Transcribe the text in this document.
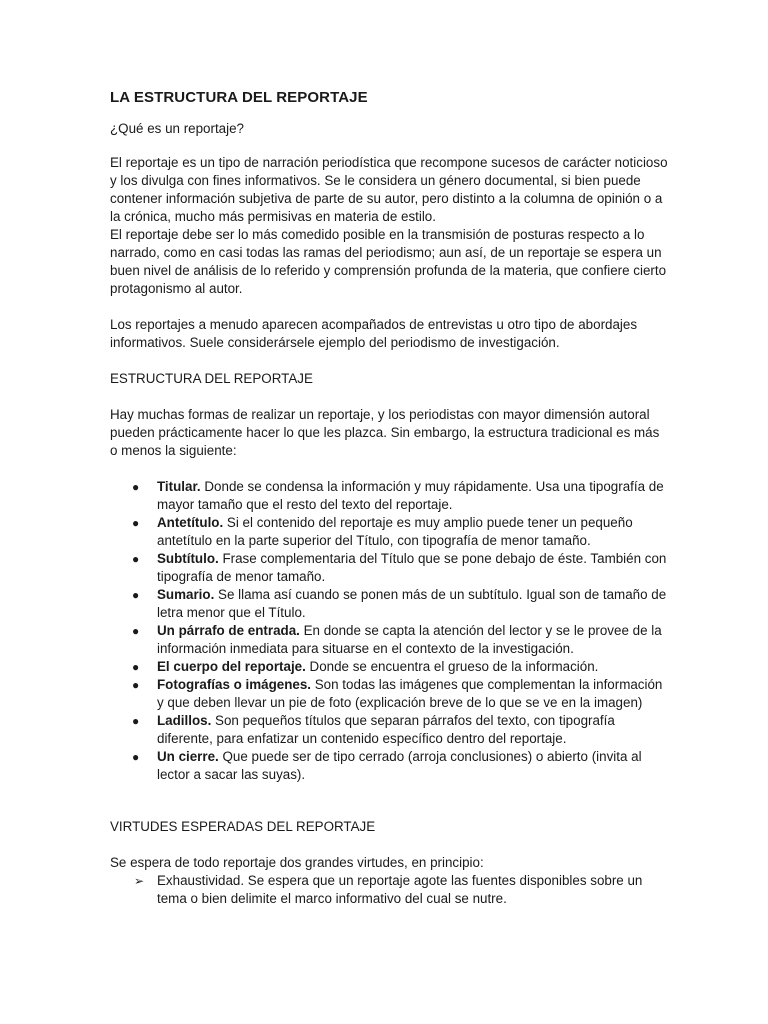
LA ESTRUCTURA DEL REPORTAJE

¿Qué es un reportaje?

El reportaje es un tipo de narración periodística que recompone sucesos de carácter noticioso y los divulga con fines informativos. Se le considera un género documental, si bien puede contener información subjetiva de parte de su autor, pero distinto a la columna de opinión o a la crónica, mucho más permisivas en materia de estilo.

El reportaje debe ser lo más comedido posible en la transmisión de posturas respecto a lo narrado, como en casi todas las ramas del periodismo; aun así, de un reportaje se espera un buen nivel de análisis de lo referido y comprensión profunda de la materia, que confiere cierto protagonismo al autor.

Los reportajes a menudo aparecen acompañados de entrevistas u otro tipo de abordajes informativos. Suele considerársele ejemplo del periodismo de investigación.

ESTRUCTURA DEL REPORTAJE

Hay muchas formas de realizar un reportaje, y los periodistas con mayor dimensión autoral pueden prácticamente hacer lo que les plazca. Sin embargo, la estructura tradicional es más o menos la siguiente:

● Titular. Donde se condensa la información y muy rápidamente. Usa una tipografía de mayor tamaño que el resto del texto del reportaje.
● Antetítulo. Si el contenido del reportaje es muy amplio puede tener un pequeño antetítulo en la parte superior del Título, con tipografía de menor tamaño.
● Subtítulo. Frase complementaria del Título que se pone debajo de éste. También con tipografía de menor tamaño.
● Sumario. Se llama así cuando se ponen más de un subtítulo. Igual son de tamaño de letra menor que el Título.
● Un párrafo de entrada. En donde se capta la atención del lector y se le provee de la información inmediata para situarse en el contexto de la investigación.
● El cuerpo del reportaje. Donde se encuentra el grueso de la información.
● Fotografías o imágenes. Son todas las imágenes que complementan la información y que deben llevar un pie de foto (explicación breve de lo que se ve en la imagen)
● Ladillos. Son pequeños títulos que separan párrafos del texto, con tipografía diferente, para enfatizar un contenido específico dentro del reportaje.
● Un cierre. Que puede ser de tipo cerrado (arroja conclusiones) o abierto (invita al lector a sacar las suyas).

VIRTUDES ESPERADAS DEL REPORTAJE

Se espera de todo reportaje dos grandes virtudes, en principio:

➢ Exhaustividad. Se espera que un reportaje agote las fuentes disponibles sobre un tema o bien delimite el marco informativo del cual se nutre.
